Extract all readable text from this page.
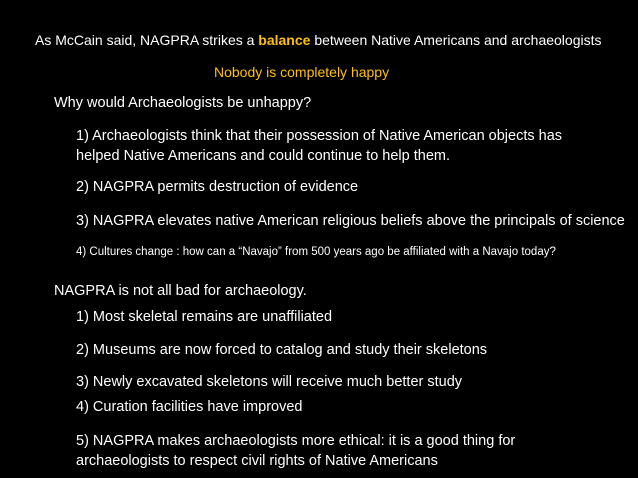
As McCain said, NAGPRA strikes a balance between Native Americans and archaeologists
Nobody is completely happy
Why would Archaeologists be unhappy?
1) Archaeologists think that their possession of Native American objects has helped Native Americans and could continue to help them.
2) NAGPRA permits destruction of evidence
3) NAGPRA elevates native American religious beliefs above the principals of science
4) Cultures change : how can a “Navajo” from 500 years ago be affiliated with a Navajo today?
NAGPRA is not all bad for archaeology.
1) Most skeletal remains are unaffiliated
2) Museums are now forced to catalog and study their skeletons
3) Newly excavated skeletons will receive much better study
4) Curation facilities have improved
5) NAGPRA makes archaeologists more ethical: it is a good thing for archaeologists to respect civil rights of Native Americans
